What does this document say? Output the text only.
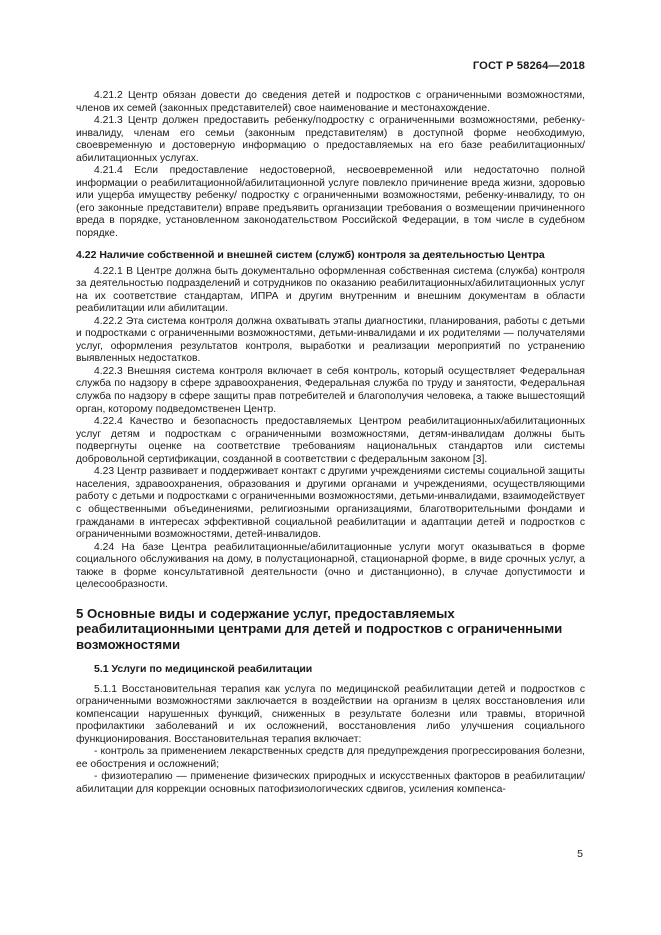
ГОСТ Р 58264—2018

4.21.2 Центр обязан довести до сведения детей и подростков с ограниченными возможностями, членов их семей (законных представителей) свое наименование и местонахождение.

4.21.3 Центр должен предоставить ребенку/подростку с ограниченными возможностями, ребенку-инвалиду, членам его семьи (законным представителям) в доступной форме необходимую, своевременную и достоверную информацию о предоставляемых на его базе реабилитационных/абилитационных услугах.

4.21.4 Если предоставление недостоверной, несвоевременной или недостаточно полной информации о реабилитационной/абилитационной услуге повлекло причинение вреда жизни, здоровью или ущерба имуществу ребенку/ подростку с ограниченными возможностями, ребенку-инвалиду, то он (его законные представители) вправе предъявить организации требования о возмещении причиненного вреда в порядке, установленном законодательством Российской Федерации, в том числе в судебном порядке.

4.22 Наличие собственной и внешней систем (служб) контроля за деятельностью Центра

4.22.1 В Центре должна быть документально оформленная собственная система (служба) контроля за деятельностью подразделений и сотрудников по оказанию реабилитационных/абилитационных услуг на их соответствие стандартам, ИПРА и другим внутренним и внешним документам в области реабилитации или абилитации.

4.22.2 Эта система контроля должна охватывать этапы диагностики, планирования, работы с детьми и подростками с ограниченными возможностями, детьми-инвалидами и их родителями — получателями услуг, оформления результатов контроля, выработки и реализации мероприятий по устранению выявленных недостатков.

4.22.3 Внешняя система контроля включает в себя контроль, который осуществляет Федеральная служба по надзору в сфере здравоохранения, Федеральная служба по труду и занятости, Федеральная служба по надзору в сфере защиты прав потребителей и благополучия человека, а также вышестоящий орган, которому подведомственен Центр.

4.22.4 Качество и безопасность предоставляемых Центром реабилитационных/абилитационных услуг детям и подросткам с ограниченными возможностями, детям-инвалидам должны быть подвергнуты оценке на соответствие требованиям национальных стандартов или системы добровольной сертификации, созданной в соответствии с федеральным законом [3].

4.23 Центр развивает и поддерживает контакт с другими учреждениями системы социальной защиты населения, здравоохранения, образования и другими органами и учреждениями, осуществляющими работу с детьми и подростками с ограниченными возможностями, детьми-инвалидами, взаимодействует с общественными объединениями, религиозными организациями, благотворительными фондами и гражданами в интересах эффективной социальной реабилитации и адаптации детей и подростков с ограниченными возможностями, детей-инвалидов.

4.24 На базе Центра реабилитационные/абилитационные услуги могут оказываться в форме социального обслуживания на дому, в полустационарной, стационарной форме, в виде срочных услуг, а также в форме консультативной деятельности (очно и дистанционно), в случае допустимости и целесообразности.

5 Основные виды и содержание услуг, предоставляемых реабилитационными центрами для детей и подростков с ограниченными возможностями

5.1 Услуги по медицинской реабилитации

5.1.1 Восстановительная терапия как услуга по медицинской реабилитации детей и подростков с ограниченными возможностями заключается в воздействии на организм в целях восстановления или компенсации нарушенных функций, сниженных в результате болезни или травмы, вторичной профилактики заболеваний и их осложнений, восстановления либо улучшения социального функционирования. Восстановительная терапия включает:

- контроль за применением лекарственных средств для предупреждения прогрессирования болезни, ее обострения и осложнений;

- физиотерапию — применение физических природных и искусственных факторов в реабилитации/абилитации для коррекции основных патофизиологических сдвигов, усиления компенса-

5
